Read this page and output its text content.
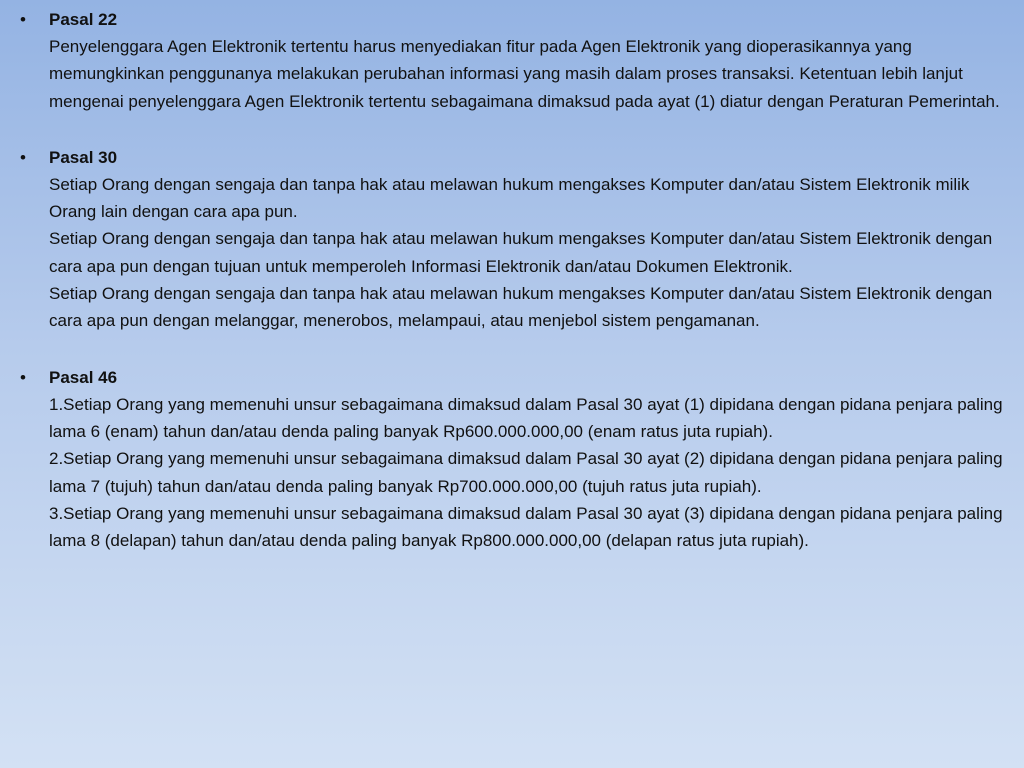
• Pasal 22
Penyelenggara Agen Elektronik tertentu harus menyediakan fitur pada Agen Elektronik yang dioperasikannya yang memungkinkan penggunanya melakukan perubahan informasi yang masih dalam proses transaksi. Ketentuan lebih lanjut mengenai penyelenggara Agen Elektronik tertentu sebagaimana dimaksud pada ayat (1) diatur dengan Peraturan Pemerintah.
• Pasal 30
Setiap Orang dengan sengaja dan tanpa hak atau melawan hukum mengakses Komputer dan/atau Sistem Elektronik milik Orang lain dengan cara apa pun.
Setiap Orang dengan sengaja dan tanpa hak atau melawan hukum mengakses Komputer dan/atau Sistem Elektronik dengan cara apa pun dengan tujuan untuk memperoleh Informasi Elektronik dan/atau Dokumen Elektronik.
Setiap Orang dengan sengaja dan tanpa hak atau melawan hukum mengakses Komputer dan/atau Sistem Elektronik dengan cara apa pun dengan melanggar, menerobos, melampaui, atau menjebol sistem pengamanan.
• Pasal 46
1.Setiap Orang yang memenuhi unsur sebagaimana dimaksud dalam Pasal 30 ayat (1) dipidana dengan pidana penjara paling lama 6 (enam) tahun dan/atau denda paling banyak Rp600.000.000,00 (enam ratus juta rupiah).
2.Setiap Orang yang memenuhi unsur sebagaimana dimaksud dalam Pasal 30 ayat (2) dipidana dengan pidana penjara paling lama 7 (tujuh) tahun dan/atau denda paling banyak Rp700.000.000,00 (tujuh ratus juta rupiah).
3.Setiap Orang yang memenuhi unsur sebagaimana dimaksud dalam Pasal 30 ayat (3) dipidana dengan pidana penjara paling lama 8 (delapan) tahun dan/atau denda paling banyak Rp800.000.000,00 (delapan ratus juta rupiah).
